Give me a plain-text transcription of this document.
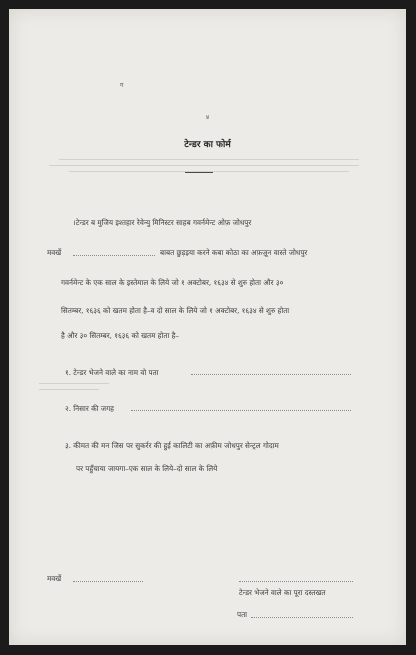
ग
४
टेन्डर का फोर्म
।टेन्डर ब मुजिय इश्तहार रेवेन्यु मिनिस्टर साहब गवर्नमेन्ट ओफ़ जोधपुर
मवर्खे	बाबत छुड़इया करने कबा कोठा का अफ़ज़ून वास्ते जोधपुर
गवर्नमेन्ट के एक साल के इस्तेमाल के लिये जो १ अक्टोबर, १६३४ से शुरु होता और ३०
सितम्बर, १६३६ को खतम होता है–व दो साल के लिये जो १ अक्टोबर, १६३४ से शुरु होता
है और ३० सितम्बर, १६३६ को खतम होता है–
१. टेन्डर भेजने वाले का नाम वो पता
२. निसार की जगह
३. कीमत की मन जिस पर सुकर्रर की हुई कालिटी का अफ़ीम जोधपुर सेन्ट्रल गोदाम
पर पहुँचाया जायगा–एक साल के लिये–दो साल के लिये
मवर्खे
टेन्डर भेजने वाले का पूरा दस्तखत
पता
